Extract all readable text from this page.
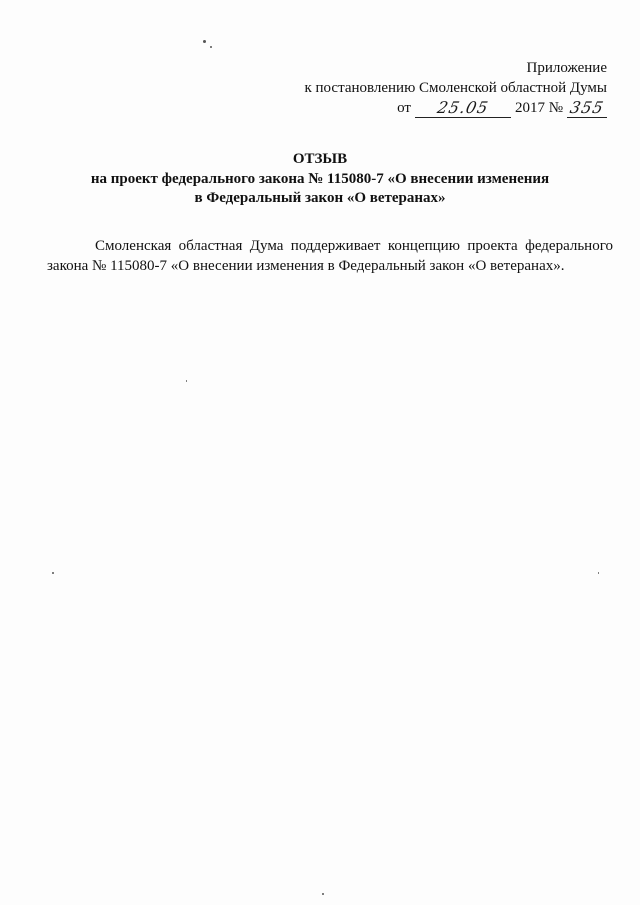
Приложение
к постановлению Смоленской областной Думы
от	25.05	2017 № 355
ОТЗЫВ
на проект федерального закона № 115080-7 «О внесении изменения
в Федеральный закон «О ветеранах»
Смоленская областная Дума поддерживает концепцию проекта федерального закона № 115080-7 «О внесении изменения в Федеральный закон «О ветеранах».
